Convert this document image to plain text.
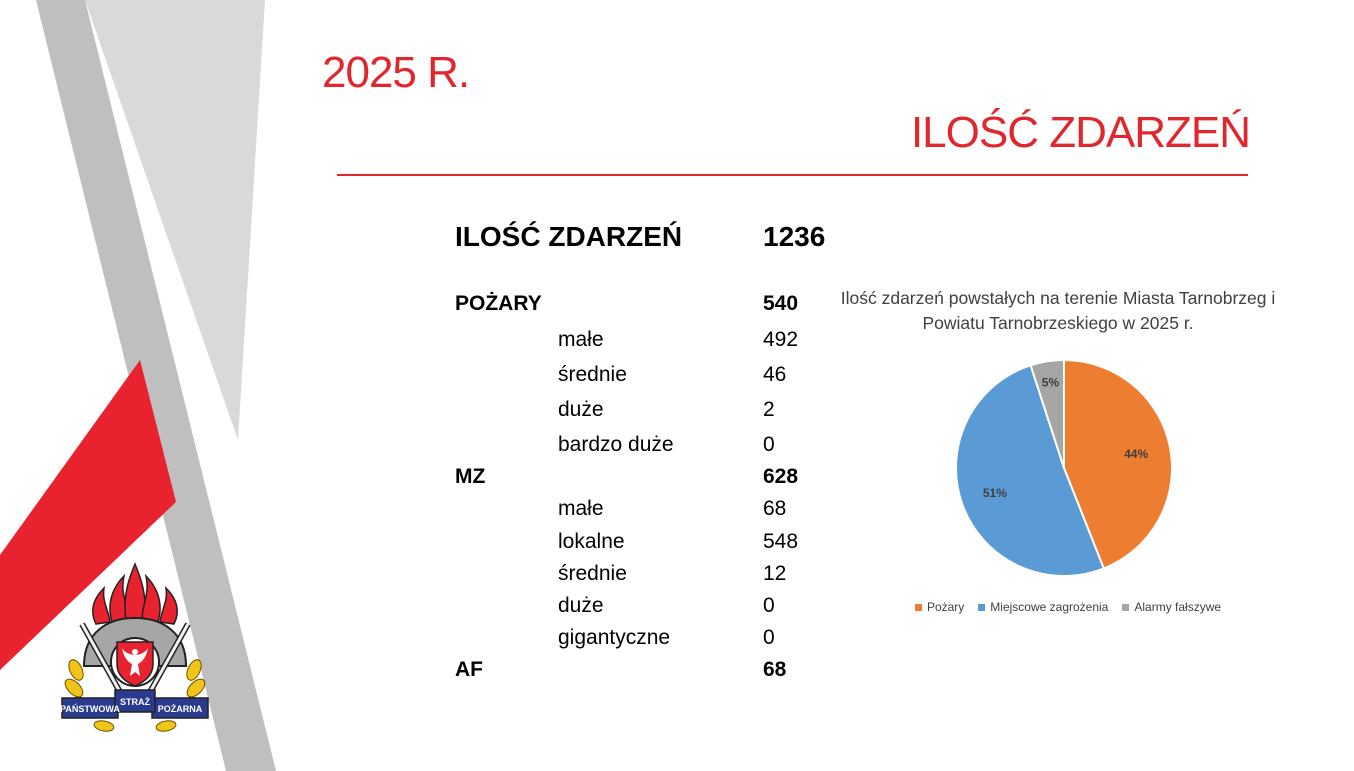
2025 R.
ILOŚĆ ZDARZEŃ
ILOŚĆ ZDARZEŃ	1236
POŻARY	540
małe	492
średnie	46
duże	2
bardzo duże	0
MZ	628
małe	68
lokalne	548
średnie	12
duże	0
gigantyczne	0
AF	68
Ilość zdarzeń powstałych na terenie Miasta Tarnobrzeg i Powiatu Tarnobrzeskiego w 2025 r.
44%
51%
5%
Pożary Miejscowe zagrożenia Alarmy fałszywe
PAŃSTWOWA
STRAŻ
POŻARNA
